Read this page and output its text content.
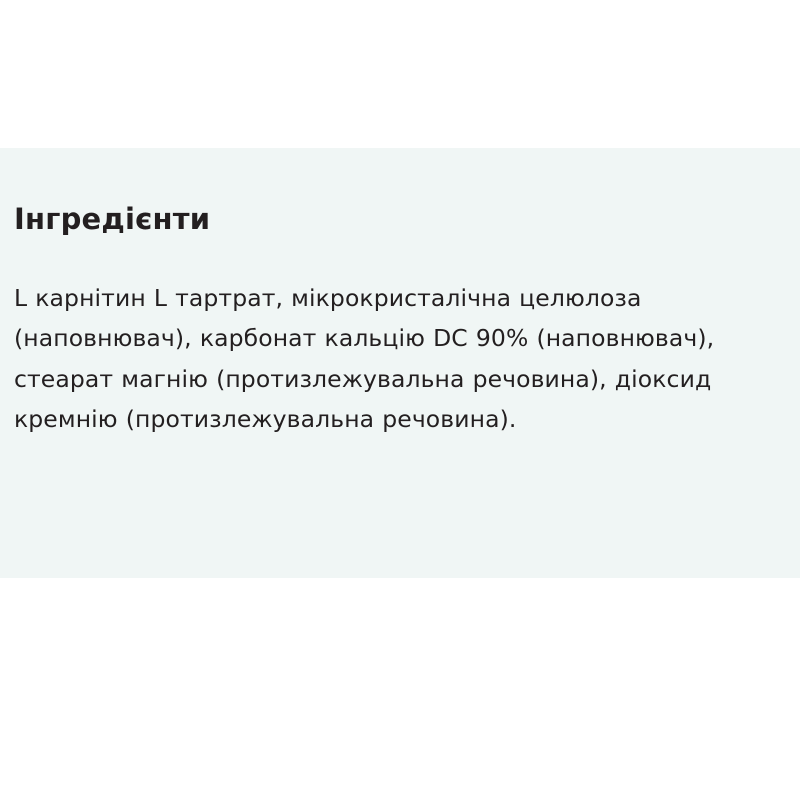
Інгредієнти

L карнітин L тартрат, мікрокристалічна целюлоза (наповнювач), карбонат кальцію DC 90% (наповнювач), стеарат магнію (протизлежувальна речовина), діоксид кремнію (протизлежувальна речовина).
